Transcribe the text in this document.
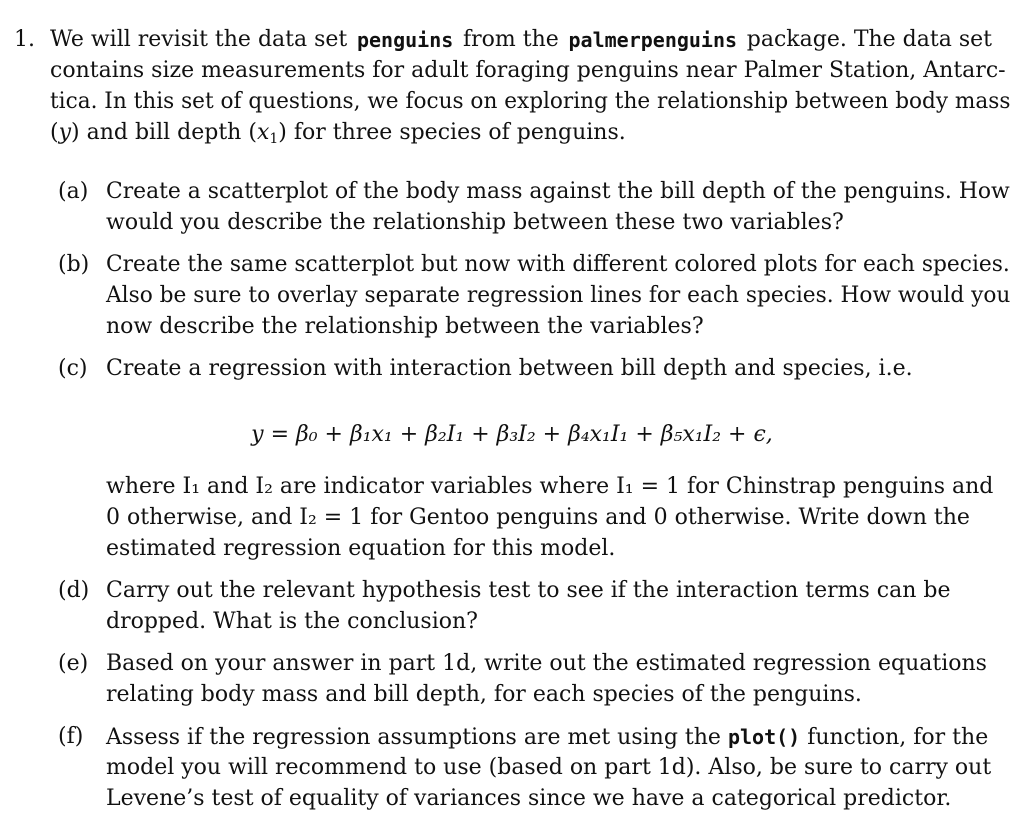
1. We will revisit the data set penguins from the palmerpenguins package. The data set
contains size measurements for adult foraging penguins near Palmer Station, Antarc-
tica. In this set of questions, we focus on exploring the relationship between body mass
(y) and bill depth $(x_1)$ for three species of penguins.
(a) Create a scatterplot of the body mass against the bill depth of the penguins. How
would you describe the relationship between these two variables?
(b) Create the same scatterplot but now with different colored plots for each species.
Also be sure to overlay separate regression lines for each species. How would you
now describe the relationship between the variables?
(c) Create a regression with interaction between bill depth and species, i.e.
y = β₀ + β₁x₁ + β₂I₁ + β₃I₂ + β₄x₁I₁ + β₅x₁I₂ + ϵ,
where I₁ and I₂ are indicator variables where I₁ = 1 for Chinstrap penguins and
0 otherwise, and I₂ = 1 for Gentoo penguins and 0 otherwise. Write down the
estimated regression equation for this model.
(d) Carry out the relevant hypothesis test to see if the interaction terms can be
dropped. What is the conclusion?
(e) Based on your answer in part 1d, write out the estimated regression equations
relating body mass and bill depth, for each species of the penguins.
(f) Assess if the regression assumptions are met using the plot() function, for the
model you will recommend to use (based on part 1d). Also, be sure to carry out
Levene’s test of equality of variances since we have a categorical predictor.
